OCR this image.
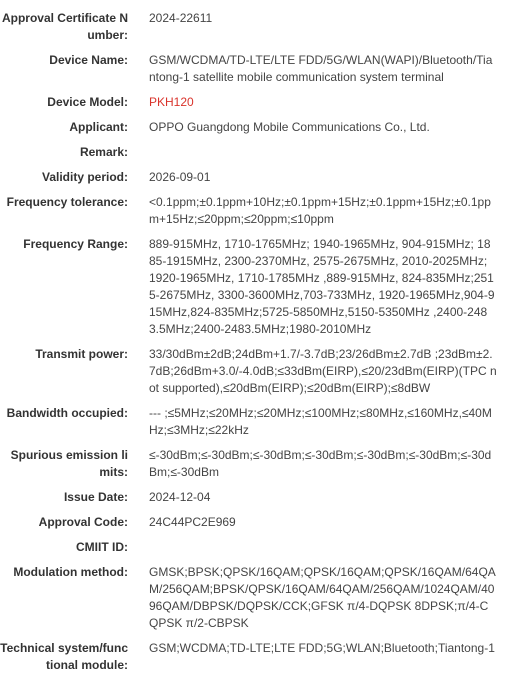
Approval Certificate Number:
2024-22611
Device Name: GSM/WCDMA/TD-LTE/LTE FDD/5G/WLAN(WAPI)/Bluetooth/Tiantong-1 satellite mobile communication system terminal
Device Model: PKH120
Applicant: OPPO Guangdong Mobile Communications Co., Ltd.
Remark:
Validity period: 2026-09-01
Frequency tolerance: <0.1ppm;±0.1ppm+10Hz;±0.1ppm+15Hz;±0.1ppm+15Hz;±0.1ppm+15Hz;≤20ppm;≤20ppm;≤10ppm
Frequency Range: 889-915MHz, 1710-1765MHz; 1940-1965MHz, 904-915MHz; 1885-1915MHz, 2300-2370MHz, 2575-2675MHz, 2010-2025MHz; 1920-1965MHz, 1710-1785MHz ,889-915MHz, 824-835MHz;2515-2675MHz, 3300-3600MHz,703-733MHz, 1920-1965MHz,904-915MHz,824-835MHz;5725-5850MHz,5150-5350MHz ,2400-2483.5MHz;2400-2483.5MHz;1980-2010MHz
Transmit power: 33/30dBm±2dB;24dBm+1.7/-3.7dB;23/26dBm±2.7dB ;23dBm±2.7dB;26dBm+3.0/-4.0dB;≤33dBm(EIRP),≤20/23dBm(EIRP)(TPC not supported),≤20dBm(EIRP);≤20dBm(EIRP);≤8dBW
Bandwidth occupied: --- ;≤5MHz;≤20MHz;≤20MHz;≤100MHz;≤80MHz,≤160MHz,≤40MHz;≤3MHz;≤22kHz
Spurious emission limits:
≤-30dBm;≤-30dBm;≤-30dBm;≤-30dBm;≤-30dBm;≤-30dBm;≤-30dBm;≤-30dBm
Issue Date: 2024-12-04
Approval Code: 24C44PC2E969
CMIIT ID:
Modulation method: GMSK;BPSK;QPSK/16QAM;QPSK/16QAM;QPSK/16QAM/64QAM/256QAM;BPSK/QPSK/16QAM/64QAM/256QAM/1024QAM/4096QAM/DBPSK/DQPSK/CCK;GFSK π/4-DQPSK 8DPSK;π/4-CQPSK π/2-CBPSK
Technical system/functional module:
GSM;WCDMA;TD-LTE;LTE FDD;5G;WLAN;Bluetooth;Tiantong-1
